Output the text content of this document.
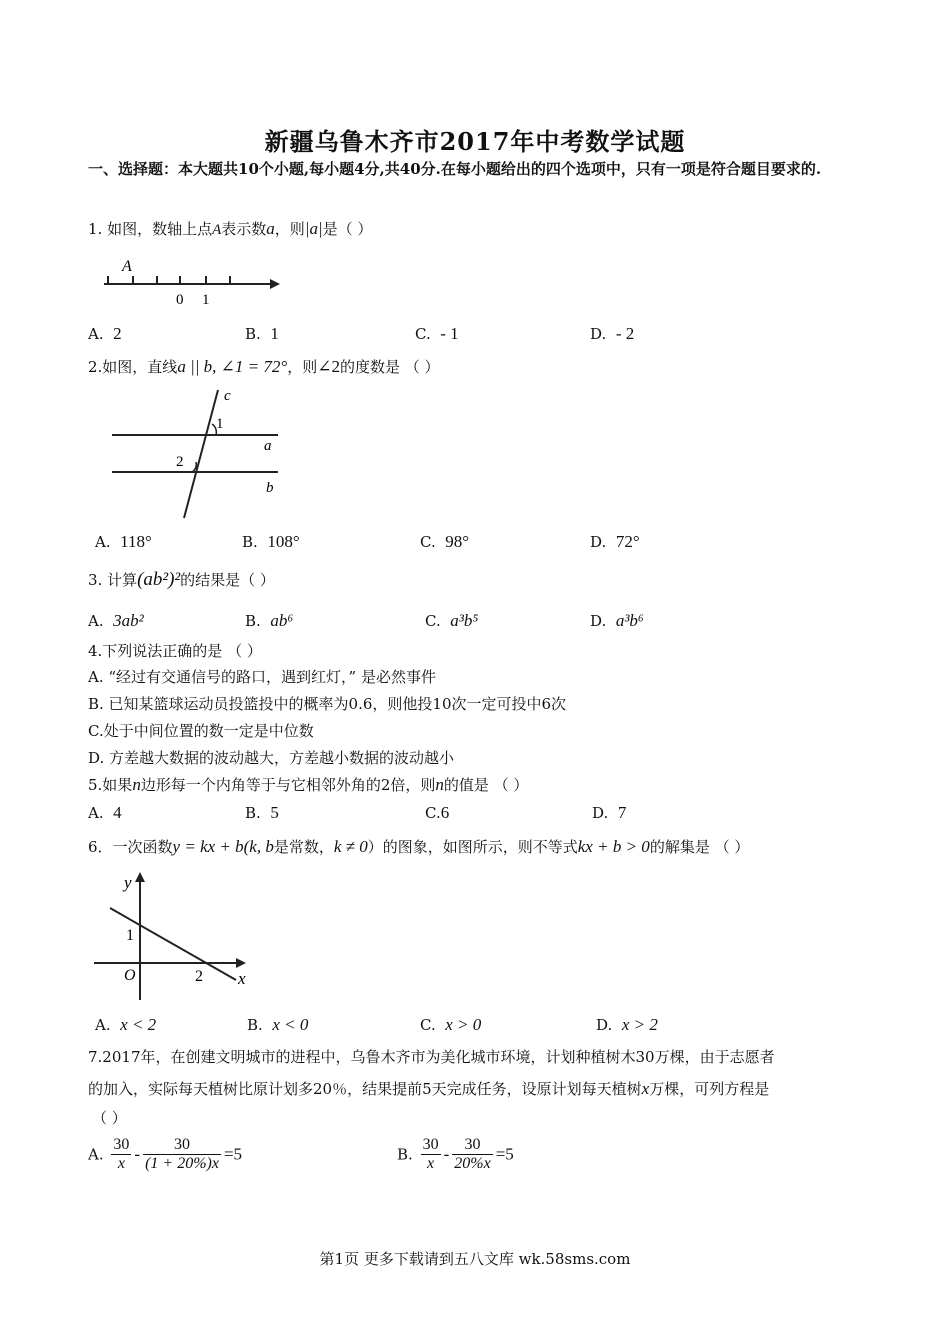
新疆乌鲁木齐市2017年中考数学试题
一、选择题：本大题共10个小题,每小题4分,共40分.在每小题给出的四个选项中，只有一项是符合题目要求的.
1. 如图，数轴上点A表示数a，则|a|是（ ）
A
0 1
A. 2	B. 1	C. - 1	D. - 2
2.如图，直线a || b, ∠1 = 72°，则∠2的度数是 （ ）
c
1
a
2
b
A. 118°	B. 108°	C. 98°	D. 72°
3. 计算(ab²)²的结果是（ ）
A. 3ab²	B. ab⁶	C. a³b⁵	D. a³b⁶
4.下列说法正确的是 （ ）
A. “经过有交通信号的路口，遇到红灯，” 是必然事件
B. 已知某篮球运动员投篮投中的概率为0.6，则他投10次一定可投中6次
C.处于中间位置的数一定是中位数
D. 方差越大数据的波动越大，方差越小数据的波动越小
5.如果n边形每一个内角等于与它相邻外角的2倍，则n的值是 （ ）
A. 4	B. 5	C.6	D. 7
6．一次函数y = kx + b(k, b是常数，k ≠ 0）的图象，如图所示，则不等式kx + b > 0的解集是 （ ）
y
1
O	2 x
A. x < 2	B. x < 0	C. x > 0	D. x > 2
7.2017年，在创建文明城市的进程中，乌鲁木齐市为美化城市环境，计划种植树木30万棵，由于志愿者
的加入，实际每天植树比原计划多20％，结果提前5天完成任务，设原计划每天植树x万棵，可列方程是
（ ）
A. $\frac{30}{x} - \frac{30}{(1 + 20\%)x} =5$	B. $\frac{30}{x} - \frac{30}{20\%x} =5$
第1页 更多下载请到五八文库 wk.58sms.com
